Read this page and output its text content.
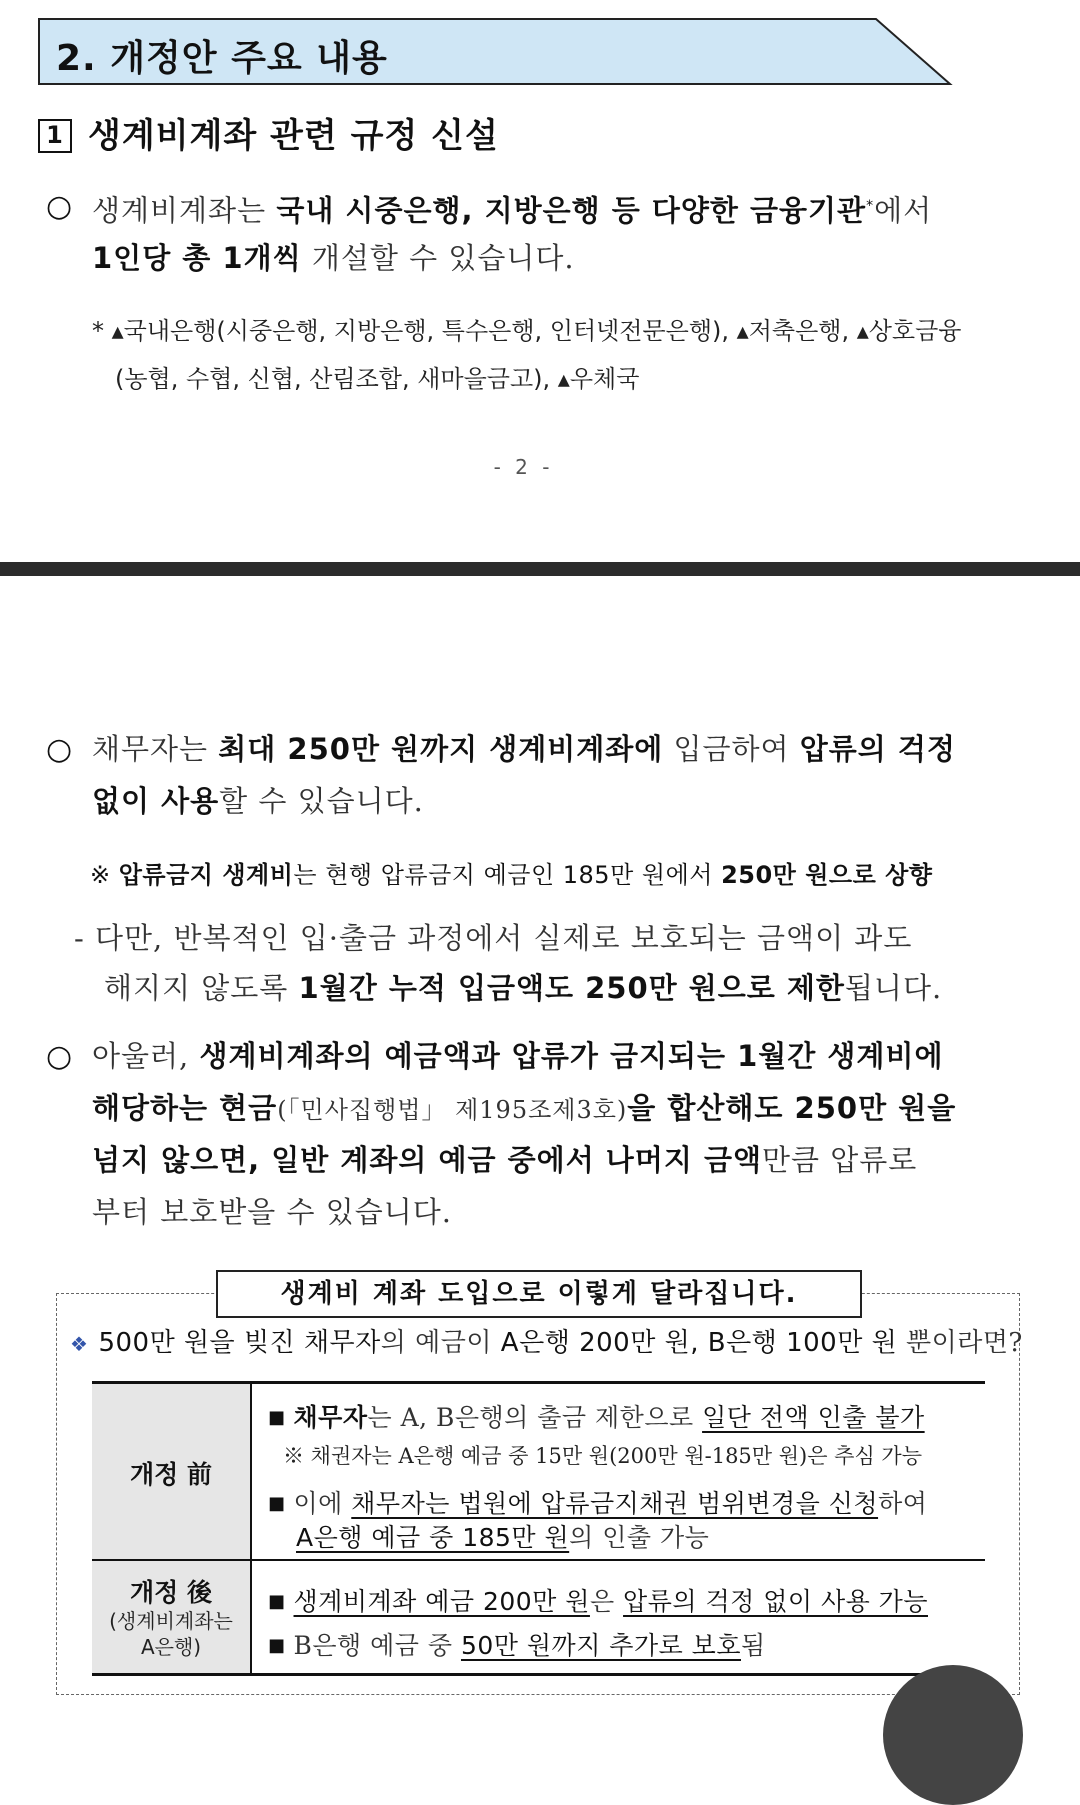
2. 개정안 주요 내용
1 생계비계좌 관련 규정 신설
○ 생계비계좌는 국내 시중은행, 지방은행 등 다양한 금융기관*에서
1인당 총 1개씩 개설할 수 있습니다.
* ▴국내은행(시중은행, 지방은행, 특수은행, 인터넷전문은행), ▴저축은행, ▴상호금융
(농협, 수협, 신협, 산림조합, 새마을금고), ▴우체국
- 2 -
○ 채무자는 최대 250만 원까지 생계비계좌에 입금하여 압류의 걱정
없이 사용할 수 있습니다.
※ 압류금지 생계비는 현행 압류금지 예금인 185만 원에서 250만 원으로 상향
- 다만, 반복적인 입·출금 과정에서 실제로 보호되는 금액이 과도
해지지 않도록 1월간 누적 입금액도 250만 원으로 제한됩니다.
○ 아울러, 생계비계좌의 예금액과 압류가 금지되는 1월간 생계비에
해당하는 현금(「민사집행법」 제195조제3호)을 합산해도 250만 원을
넘지 않으면, 일반 계좌의 예금 중에서 나머지 금액만큼 압류로
부터 보호받을 수 있습니다.
생계비 계좌 도입으로 이렇게 달라집니다.
❖ 500만 원을 빚진 채무자의 예금이 A은행 200만 원, B은행 100만 원 뿐이라면?
개정 前
■ 채무자는 A, B은행의 출금 제한으로 일단 전액 인출 불가
※ 채권자는 A은행 예금 중 15만 원(200만 원-185만 원)은 추심 가능
■ 이에 채무자는 법원에 압류금지채권 범위변경을 신청하여
A은행 예금 중 185만 원의 인출 가능
개정 後
(생계비계좌는
A은행)
■ 생계비계좌 예금 200만 원은 압류의 걱정 없이 사용 가능
■ B은행 예금 중 50만 원까지 추가로 보호됨
